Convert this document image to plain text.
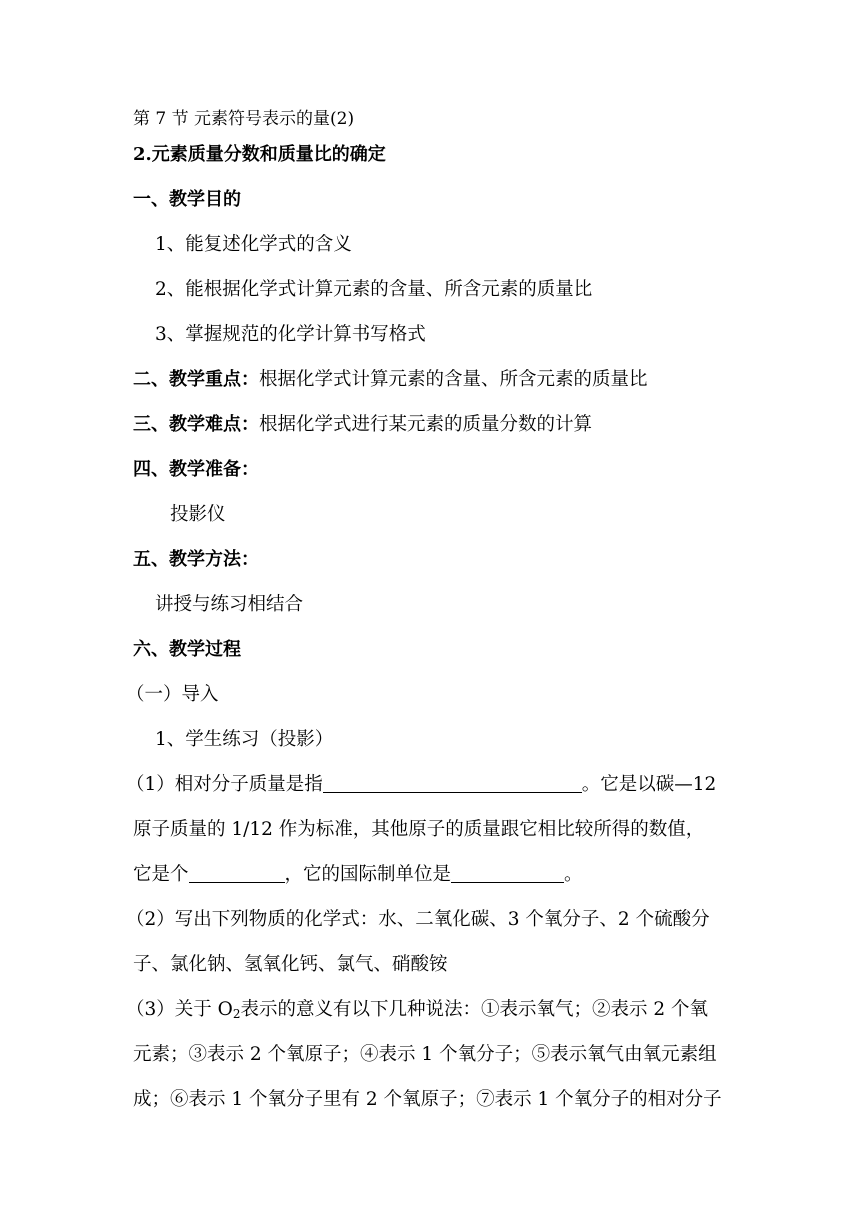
第 7 节 元素符号表示的量(2)
2.元素质量分数和质量比的确定
一、教学目的
1、能复述化学式的含义
2、能根据化学式计算元素的含量、所含元素的质量比
3、掌握规范的化学计算书写格式
二、教学重点：根据化学式计算元素的含量、所含元素的质量比
三、教学难点：根据化学式进行某元素的质量分数的计算
四、教学准备：
投影仪
五、教学方法：
讲授与练习相结合
六、教学过程
（一）导入
1、学生练习（投影）
（1）相对分子质量是指	。它是以碳—12
原子质量的 1/12 作为标准，其他原子的质量跟它相比较所得的数值，
它是个	，它的国际制单位是	。
（2）写出下列物质的化学式：水、二氧化碳、3 个氧分子、2 个硫酸分
子、氯化钠、氢氧化钙、氯气、硝酸铵
（3）关于 $O_2$表示的意义有以下几种说法：①表示氧气；②表示 2 个氧
元素；③表示 2 个氧原子；④表示 1 个氧分子；⑤表示氧气由氧元素组
成；⑥表示 1 个氧分子里有 2 个氧原子；⑦表示 1 个氧分子的相对分子
